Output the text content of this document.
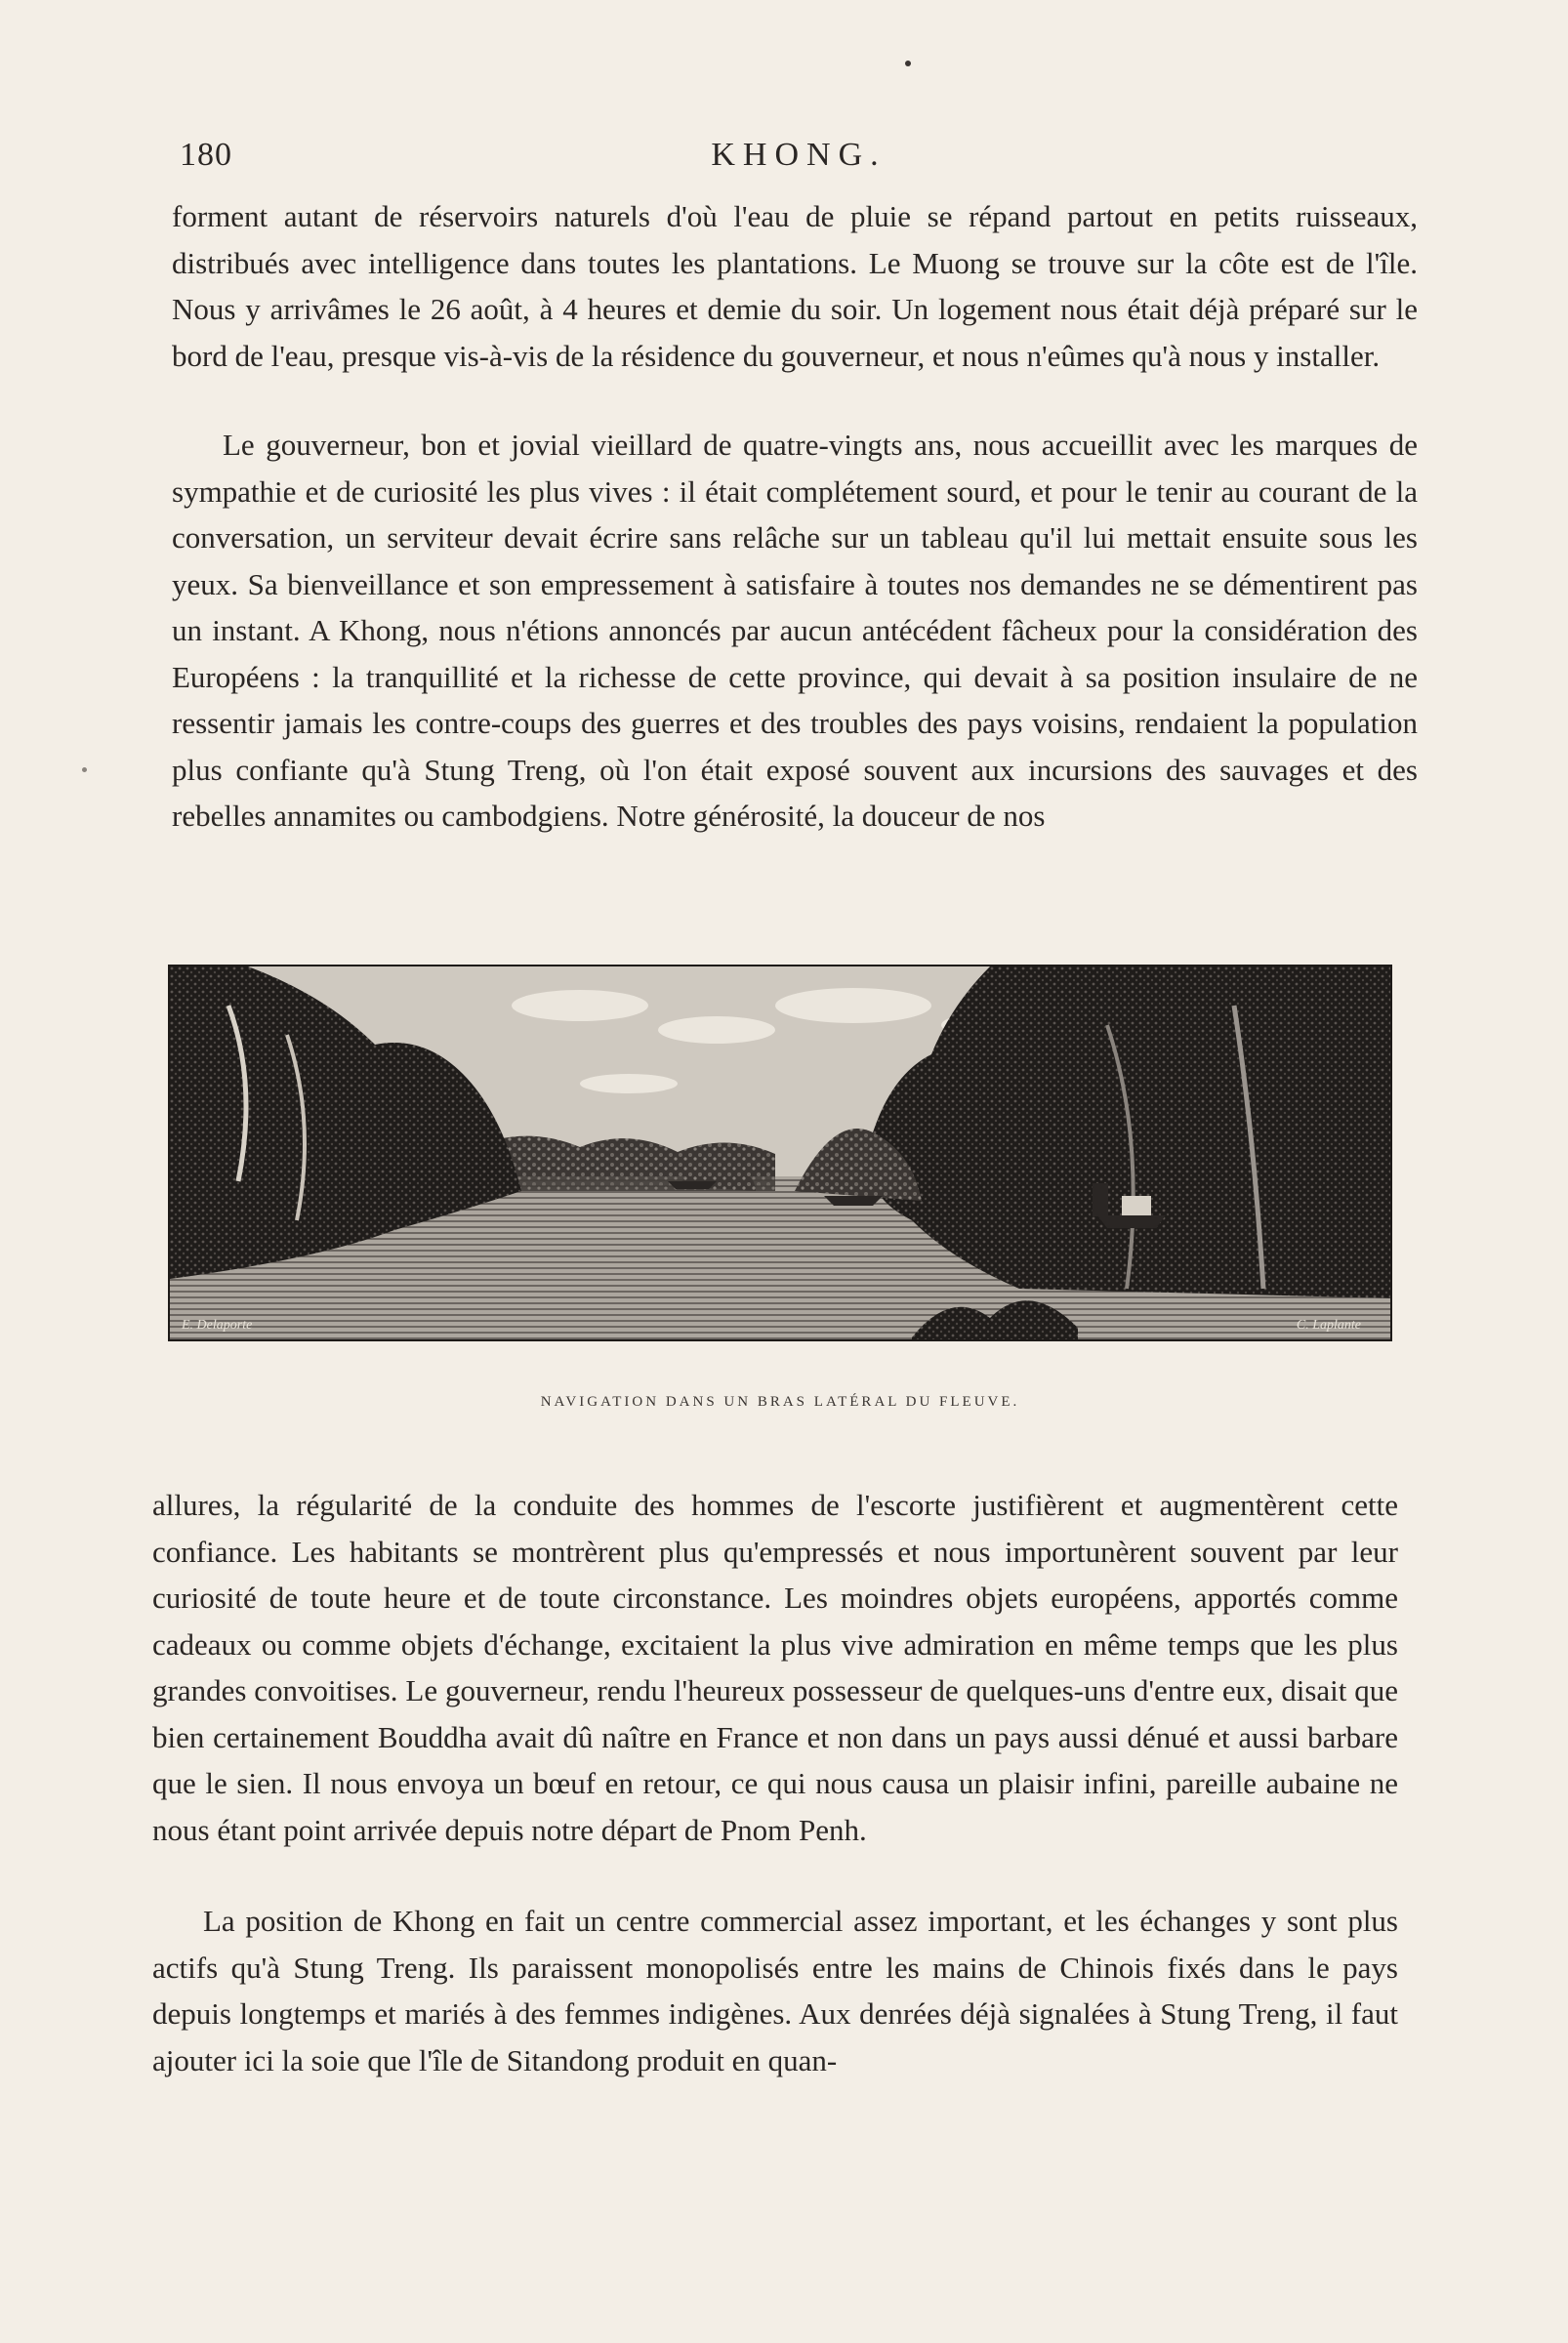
180	KHONG.

forment autant de réservoirs naturels d'où l'eau de pluie se répand partout en petits ruisseaux, distribués avec intelligence dans toutes les plantations. Le Muong se trouve sur la côte est de l'île. Nous y arrivâmes le 26 août, à 4 heures et demie du soir. Un logement nous était déjà préparé sur le bord de l'eau, presque vis-à-vis de la résidence du gouverneur, et nous n'eûmes qu'à nous y installer.

Le gouverneur, bon et jovial vieillard de quatre-vingts ans, nous accueillit avec les marques de sympathie et de curiosité les plus vives : il était complétement sourd, et pour le tenir au courant de la conversation, un serviteur devait écrire sans relâche sur un tableau qu'il lui mettait ensuite sous les yeux. Sa bienveillance et son empressement à satisfaire à toutes nos demandes ne se démentirent pas un instant. A Khong, nous n'étions annoncés par aucun antécédent fâcheux pour la considération des Européens : la tranquillité et la richesse de cette province, qui devait à sa position insulaire de ne ressentir jamais les contre-coups des guerres et des troubles des pays voisins, rendaient la population plus confiante qu'à Stung Treng, où l'on était exposé souvent aux incursions des sauvages et des rebelles annamites ou cambodgiens. Notre générosité, la douceur de nos

E. Delaporte	C. Laplante
NAVIGATION DANS UN BRAS LATÉRAL DU FLEUVE.

allures, la régularité de la conduite des hommes de l'escorte justifièrent et augmentèrent cette confiance. Les habitants se montrèrent plus qu'empressés et nous importunèrent souvent par leur curiosité de toute heure et de toute circonstance. Les moindres objets européens, apportés comme cadeaux ou comme objets d'échange, excitaient la plus vive admiration en même temps que les plus grandes convoitises. Le gouverneur, rendu l'heureux possesseur de quelques-uns d'entre eux, disait que bien certainement Bouddha avait dû naître en France et non dans un pays aussi dénué et aussi barbare que le sien. Il nous envoya un bœuf en retour, ce qui nous causa un plaisir infini, pareille aubaine ne nous étant point arrivée depuis notre départ de Pnom Penh.

La position de Khong en fait un centre commercial assez important, et les échanges y sont plus actifs qu'à Stung Treng. Ils paraissent monopolisés entre les mains de Chinois fixés dans le pays depuis longtemps et mariés à des femmes indigènes. Aux denrées déjà signalées à Stung Treng, il faut ajouter ici la soie que l'île de Sitandong produit en quan-
